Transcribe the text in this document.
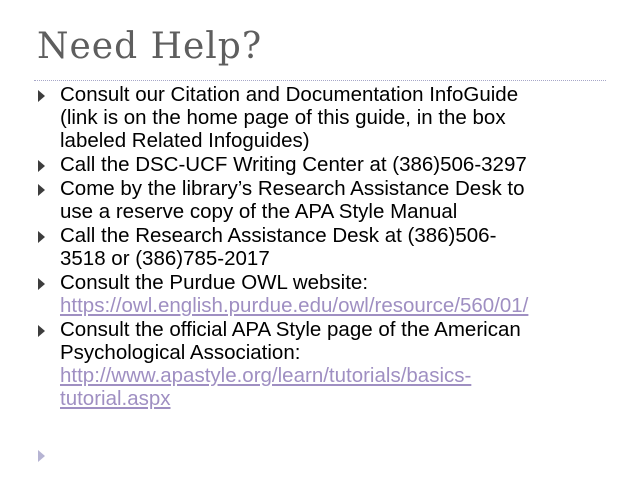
Need Help?
Consult our Citation and Documentation InfoGuide
(link is on the home page of this guide, in the box
labeled Related Infoguides)
Call the DSC-UCF Writing Center at (386)506-3297
Come by the library’s Research Assistance Desk to
use a reserve copy of the APA Style Manual
Call the Research Assistance Desk at (386)506-
3518 or (386)785-2017
Consult the Purdue OWL website:
https://owl.english.purdue.edu/owl/resource/560/01/
Consult the official APA Style page of the American
Psychological Association:
http://www.apastyle.org/learn/tutorials/basics-
tutorial.aspx
